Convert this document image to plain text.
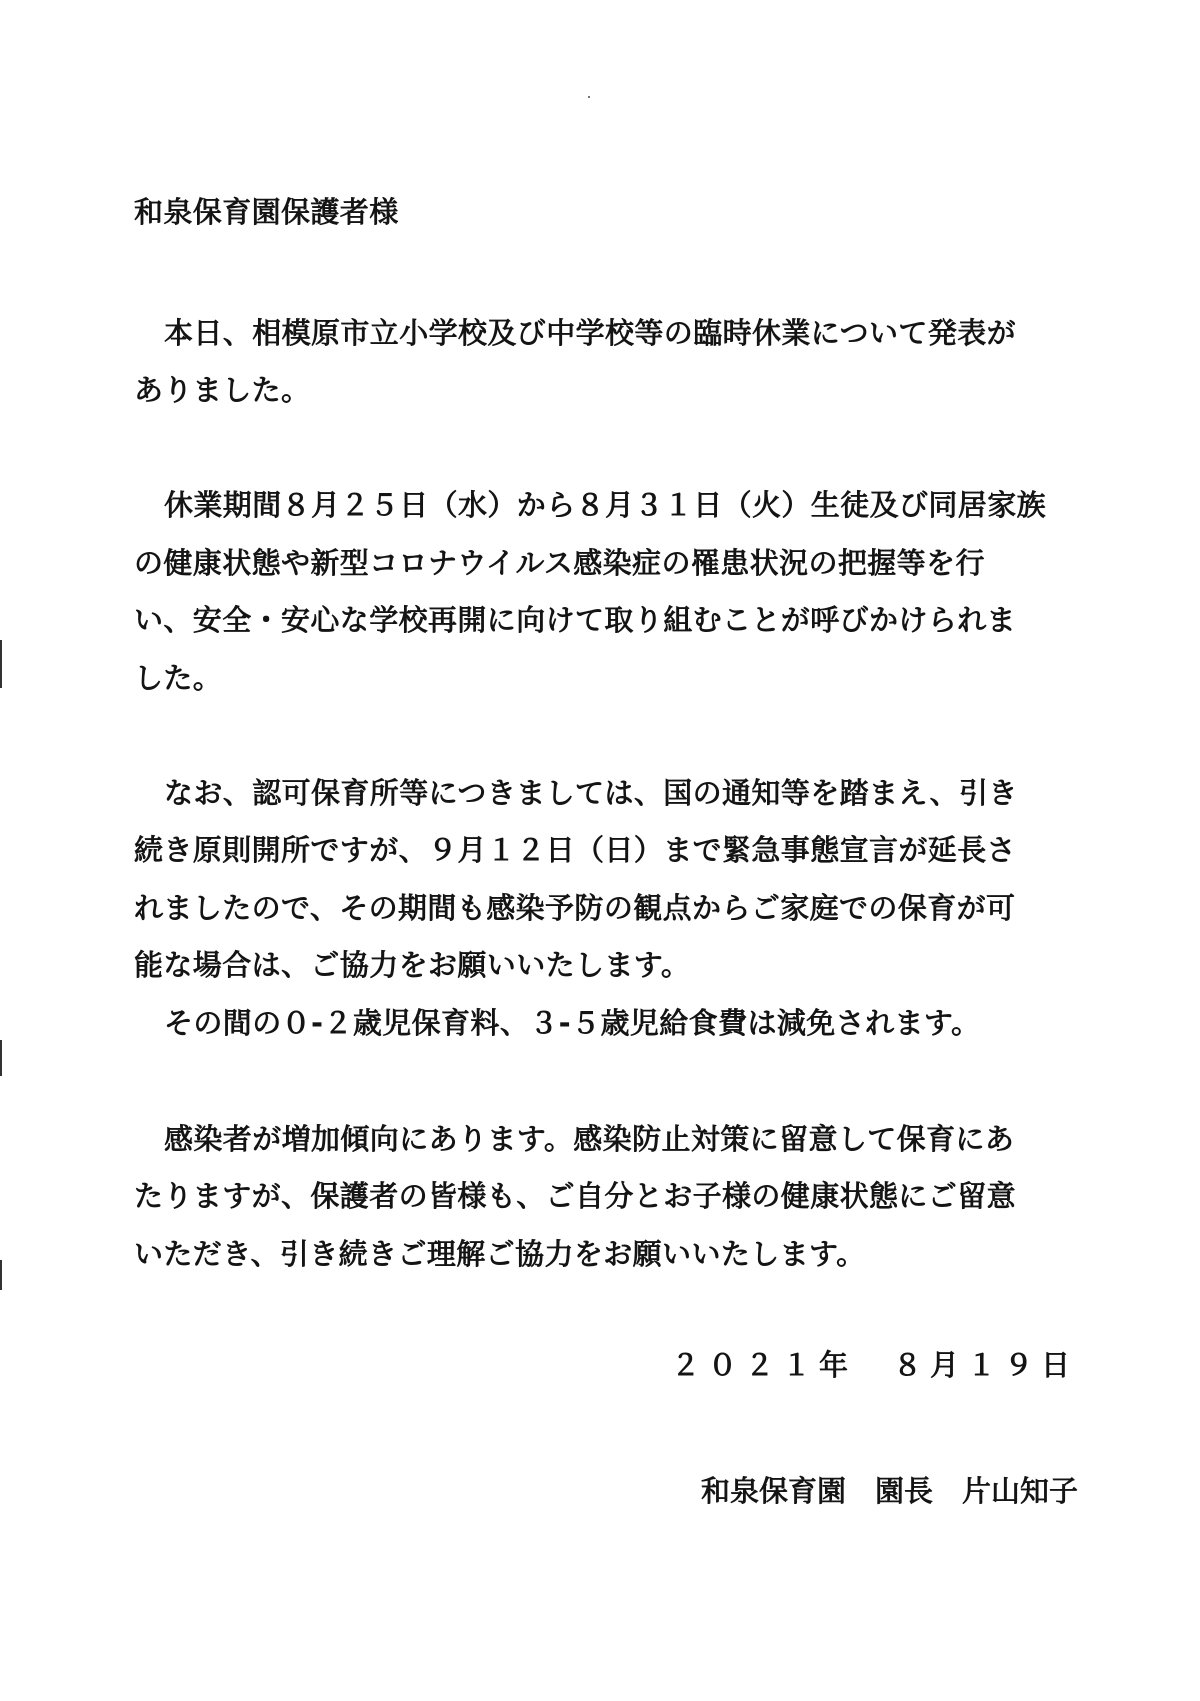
和泉保育園保護者様
本日、相模原市立小学校及び中学校等の臨時休業について発表が
ありました。
休業期間８月２５日（水）から８月３１日（火）生徒及び同居家族
の健康状態や新型コロナウイルス感染症の罹患状況の把握等を行
い、安全・安心な学校再開に向けて取り組むことが呼びかけられま
した。
なお、認可保育所等につきましては、国の通知等を踏まえ、引き
続き原則開所ですが、９月１２日（日）まで緊急事態宣言が延長さ
れましたので、その期間も感染予防の観点からご家庭での保育が可
能な場合は、ご協力をお願いいたします。
その間の０-２歳児保育料、３-５歳児給食費は減免されます。
感染者が増加傾向にあります。感染防止対策に留意して保育にあ
たりますが、保護者の皆様も、ご自分とお子様の健康状態にご留意
いただき、引き続きご理解ご協力をお願いいたします。
２０２１年　８月１９日
和泉保育園　園長　片山知子
